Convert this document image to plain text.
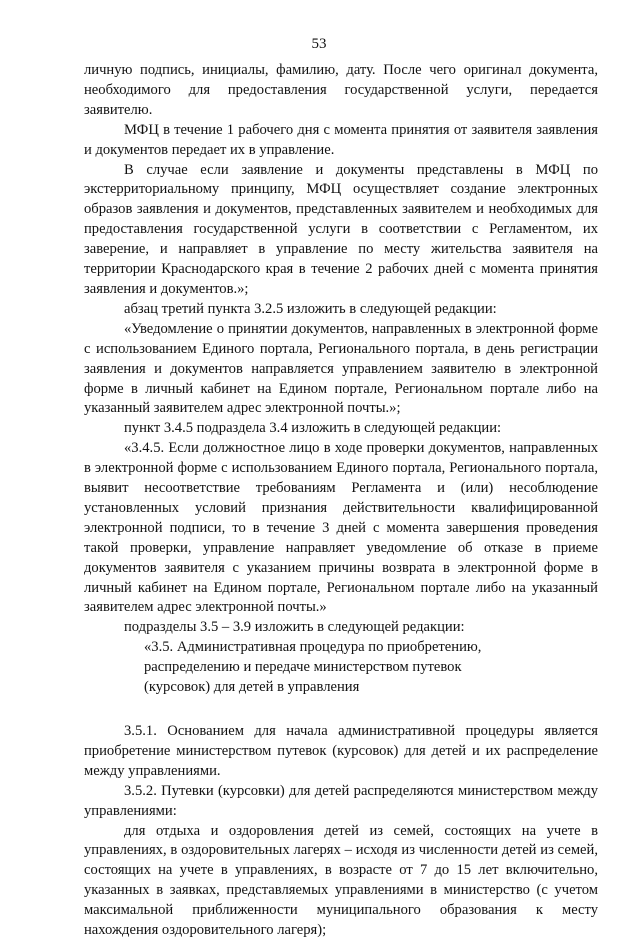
53

личную подпись, инициалы, фамилию, дату. После чего оригинал документа, необходимого для предоставления государственной услуги, передается заявителю.

МФЦ в течение 1 рабочего дня с момента принятия от заявителя заявления и документов передает их в управление.

В случае если заявление и документы представлены в МФЦ по экстерриториальному принципу, МФЦ осуществляет создание электронных образов заявления и документов, представленных заявителем и необходимых для предоставления государственной услуги в соответствии с Регламентом, их заверение, и направляет в управление по месту жительства заявителя на территории Краснодарского края в течение 2 рабочих дней с момента принятия заявления и документов.»;

абзац третий пункта 3.2.5 изложить в следующей редакции:

«Уведомление о принятии документов, направленных в электронной форме с использованием Единого портала, Регионального портала, в день регистрации заявления и документов направляется управлением заявителю в электронной форме в личный кабинет на Едином портале, Региональном портале либо на указанный заявителем адрес электронной почты.»;

пункт 3.4.5 подраздела 3.4 изложить в следующей редакции:

«3.4.5. Если должностное лицо в ходе проверки документов, направленных в электронной форме с использованием Единого портала, Регионального портала, выявит несоответствие требованиям Регламента и (или) несоблюдение установленных условий признания действительности квалифицированной электронной подписи, то в течение 3 дней с момента завершения проведения такой проверки, управление направляет уведомление об отказе в приеме документов заявителя с указанием причины возврата в электронной форме в личный кабинет на Едином портале, Региональном портале либо на указанный заявителем адрес электронной почты.»

подразделы 3.5 – 3.9 изложить в следующей редакции:

«3.5. Административная процедура по приобретению,

распределению и передаче министерством путевок

(курсовок) для детей в управления

3.5.1. Основанием для начала административной процедуры является приобретение министерством путевок (курсовок) для детей и их распределение между управлениями.

3.5.2. Путевки (курсовки) для детей распределяются министерством между управлениями:

для отдыха и оздоровления детей из семей, состоящих на учете в управлениях, в оздоровительных лагерях – исходя из численности детей из семей, состоящих на учете в управлениях, в возрасте от 7 до 15 лет включительно, указанных в заявках, представляемых управлениями в министерство (с учетом максимальной приближенности муниципального образования к месту нахождения оздоровительного лагеря);
